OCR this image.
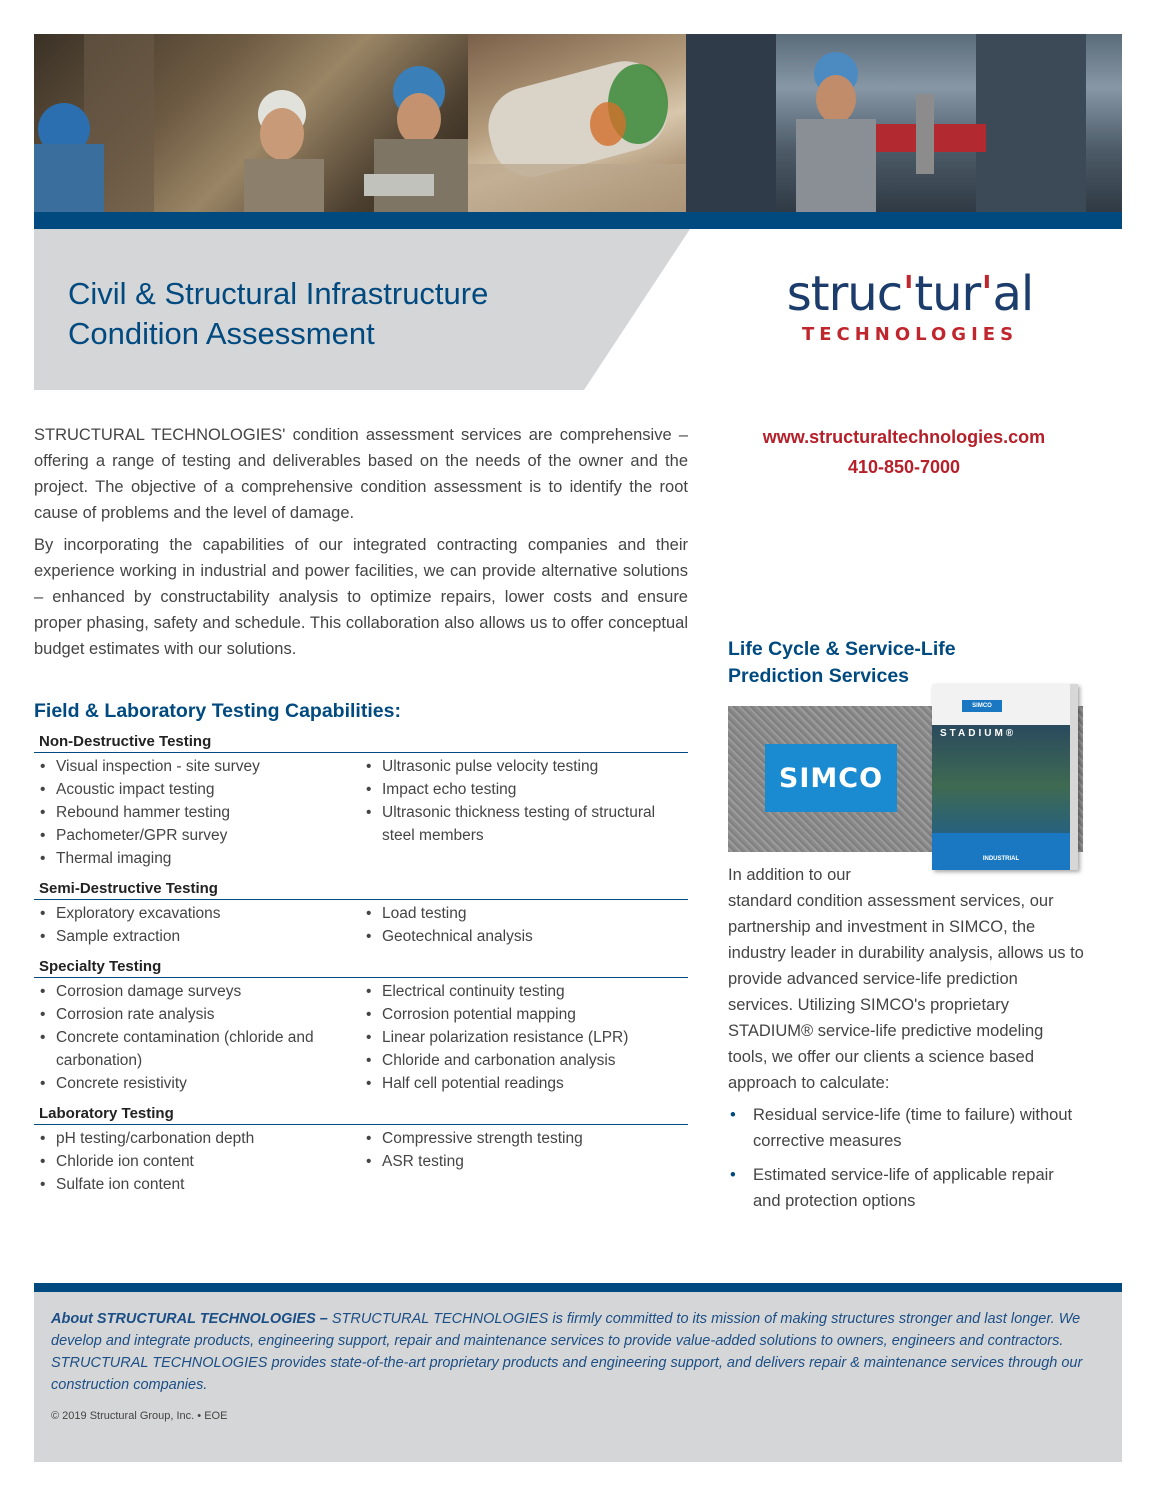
Civil & Structural Infrastructure
Condition Assessment
struc'tur'al
TECHNOLOGIES
www.structuraltechnologies.com
410-850-7000

STRUCTURAL TECHNOLOGIES' condition assessment services are comprehensive – offering a range of testing and deliverables based on the needs of the owner and the project. The objective of a comprehensive condition assessment is to identify the root cause of problems and the level of damage.

By incorporating the capabilities of our integrated contracting companies and their experience working in industrial and power facilities, we can provide alternative solutions – enhanced by constructability analysis to optimize repairs, lower costs and ensure proper phasing, safety and schedule. This collaboration also allows us to offer conceptual budget estimates with our solutions.

Field & Laboratory Testing Capabilities:
Non-Destructive Testing
• Visual inspection - site survey
• Acoustic impact testing
• Rebound hammer testing
• Pachometer/GPR survey
• Thermal imaging
• Ultrasonic pulse velocity testing
• Impact echo testing
• Ultrasonic thickness testing of structural steel members
Semi-Destructive Testing
• Exploratory excavations
• Sample extraction
• Load testing
• Geotechnical analysis
Specialty Testing
• Corrosion damage surveys
• Corrosion rate analysis
• Concrete contamination (chloride and carbonation)
• Concrete resistivity
• Electrical continuity testing
• Corrosion potential mapping
• Linear polarization resistance (LPR)
• Chloride and carbonation analysis
• Half cell potential readings
Laboratory Testing
• pH testing/carbonation depth
• Chloride ion content
• Sulfate ion content
• Compressive strength testing
• ASR testing
Life Cycle & Service-Life
Prediction Services
SIMCO
SIMCO
STADIUM®
INDUSTRIAL

In addition to our
standard condition assessment services, our partnership and investment in SIMCO, the industry leader in durability analysis, allows us to provide advanced service-life prediction services. Utilizing SIMCO's proprietary STADIUM® service-life predictive modeling tools, we offer our clients a science based approach to calculate:

• Residual service-life (time to failure) without corrective measures
• Estimated service-life of applicable repair and protection options

About STRUCTURAL TECHNOLOGIES – STRUCTURAL TECHNOLOGIES is firmly committed to its mission of making structures stronger and last longer. We develop and integrate products, engineering support, repair and maintenance services to provide value-added solutions to owners, engineers and contractors. STRUCTURAL TECHNOLOGIES provides state-of-the-art proprietary products and engineering support, and delivers repair & maintenance services through our construction companies.

© 2019 Structural Group, Inc. • EOE
